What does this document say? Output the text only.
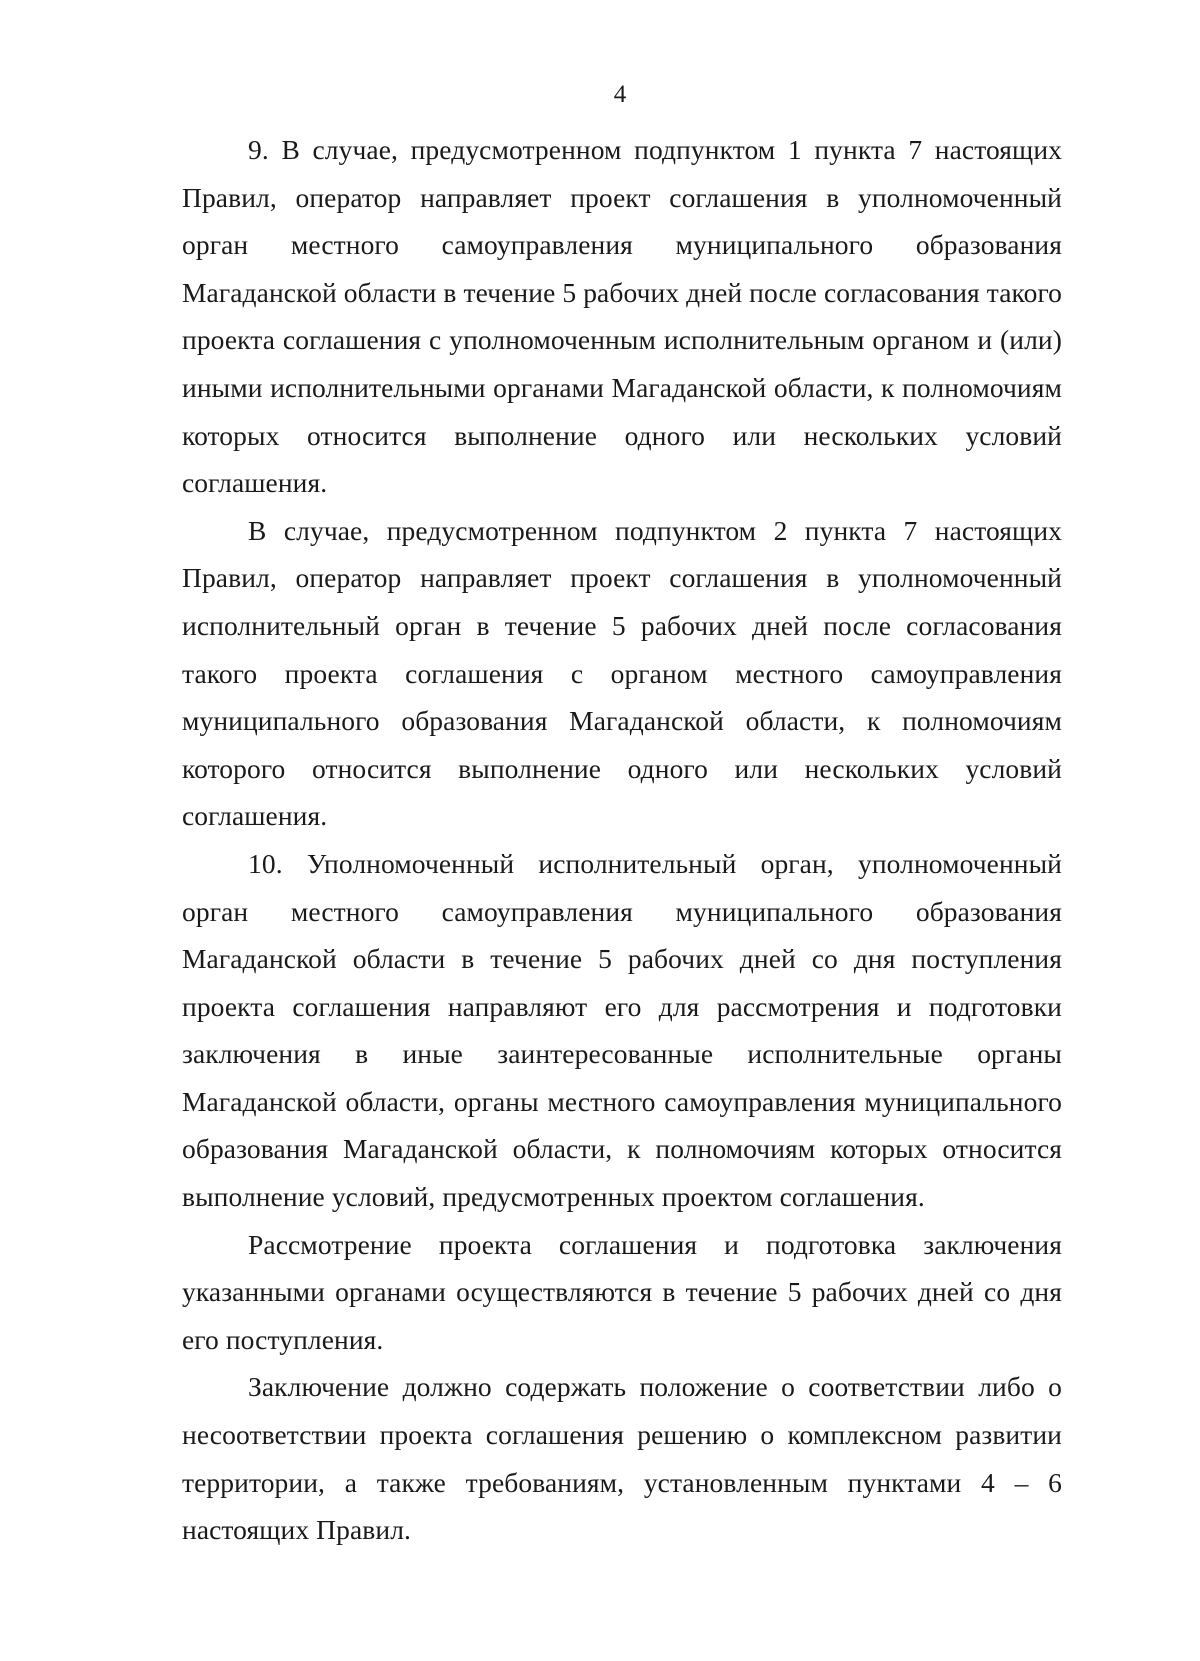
4

9. В случае, предусмотренном подпунктом 1 пункта 7 настоящих Правил, оператор направляет проект соглашения в уполномоченный орган местного самоуправления муниципального образования Магаданской области в течение 5 рабочих дней после согласования такого проекта соглашения с уполномоченным исполнительным органом и (или) иными исполнительными органами Магаданской области, к полномочиям которых относится выполнение одного или нескольких условий соглашения.

В случае, предусмотренном подпунктом 2 пункта 7 настоящих Правил, оператор направляет проект соглашения в уполномоченный исполнительный орган в течение 5 рабочих дней после согласования такого проекта соглашения с органом местного самоуправления муниципального образования Магаданской области, к полномочиям которого относится выполнение одного или нескольких условий соглашения.

10. Уполномоченный исполнительный орган, уполномоченный орган местного самоуправления муниципального образования Магаданской области в течение 5 рабочих дней со дня поступления проекта соглашения направляют его для рассмотрения и подготовки заключения в иные заинтересованные исполнительные органы Магаданской области, органы местного самоуправления муниципального образования Магаданской области, к полномочиям которых относится выполнение условий, предусмотренных проектом соглашения.

Рассмотрение проекта соглашения и подготовка заключения указанными органами осуществляются в течение 5 рабочих дней со дня его поступления.

Заключение должно содержать положение о соответствии либо о несоответствии проекта соглашения решению о комплексном развитии территории, а также требованиям, установленным пунктами 4 – 6 настоящих Правил.
